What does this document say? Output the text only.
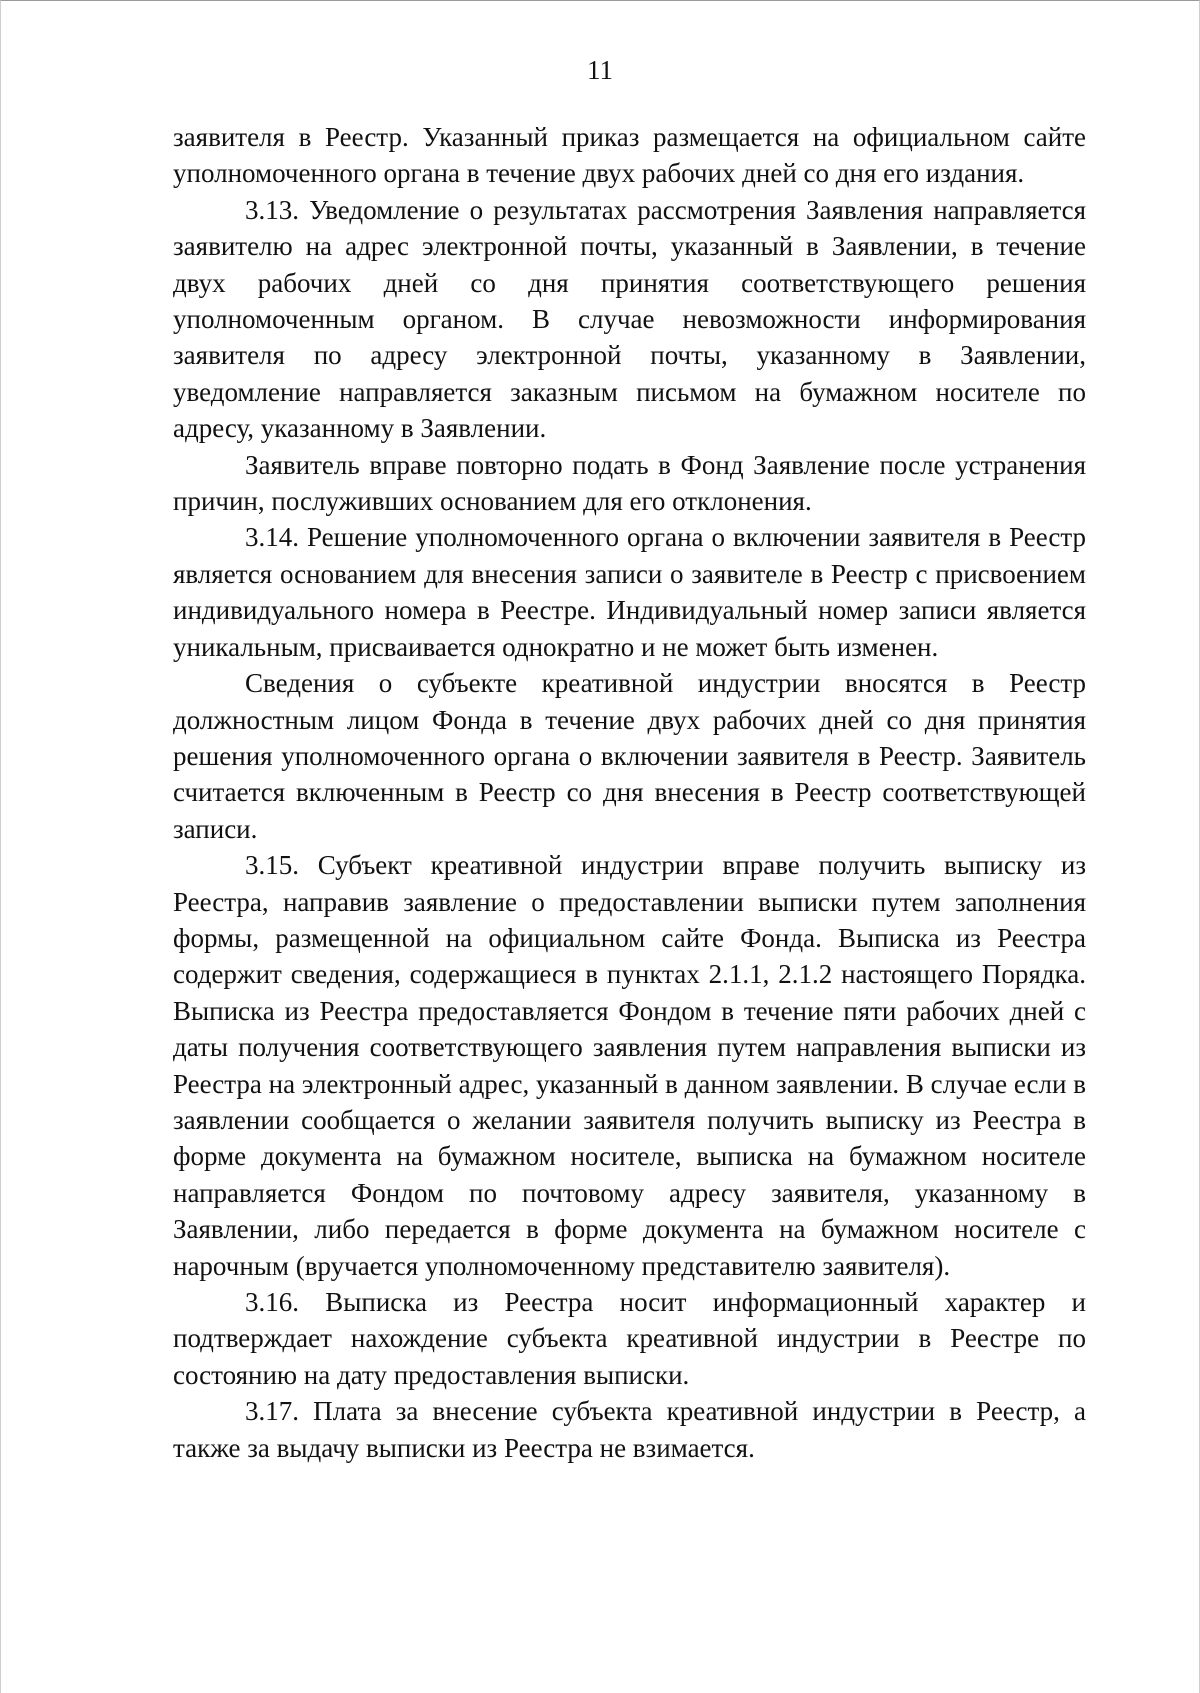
11

заявителя в Реестр. Указанный приказ размещается на официальном сайте уполномоченного органа в течение двух рабочих дней со дня его издания.

3.13. Уведомление о результатах рассмотрения Заявления направляется заявителю на адрес электронной почты, указанный в Заявлении, в течение двух рабочих дней со дня принятия соответствующего решения уполномоченным органом. В случае невозможности информирования заявителя по адресу электронной почты, указанному в Заявлении, уведомление направляется заказным письмом на бумажном носителе по адресу, указанному в Заявлении.

Заявитель вправе повторно подать в Фонд Заявление после устранения причин, послуживших основанием для его отклонения.

3.14. Решение уполномоченного органа о включении заявителя в Реестр является основанием для внесения записи о заявителе в Реестр с присвоением индивидуального номера в Реестре. Индивидуальный номер записи является уникальным, присваивается однократно и не может быть изменен.

Сведения о субъекте креативной индустрии вносятся в Реестр должностным лицом Фонда в течение двух рабочих дней со дня принятия решения уполномоченного органа о включении заявителя в Реестр. Заявитель считается включенным в Реестр со дня внесения в Реестр соответствующей записи.

3.15. Субъект креативной индустрии вправе получить выписку из Реестра, направив заявление о предоставлении выписки путем заполнения формы, размещенной на официальном сайте Фонда. Выписка из Реестра содержит сведения, содержащиеся в пунктах 2.1.1, 2.1.2 настоящего Порядка. Выписка из Реестра предоставляется Фондом в течение пяти рабочих дней с даты получения соответствующего заявления путем направления выписки из Реестра на электронный адрес, указанный в данном заявлении. В случае если в заявлении сообщается о желании заявителя получить выписку из Реестра в форме документа на бумажном носителе, выписка на бумажном носителе направляется Фондом по почтовому адресу заявителя, указанному в Заявлении, либо передается в форме документа на бумажном носителе с нарочным (вручается уполномоченному представителю заявителя).

3.16. Выписка из Реестра носит информационный характер и подтверждает нахождение субъекта креативной индустрии в Реестре по состоянию на дату предоставления выписки.

3.17. Плата за внесение субъекта креативной индустрии в Реестр, а также за выдачу выписки из Реестра не взимается.
